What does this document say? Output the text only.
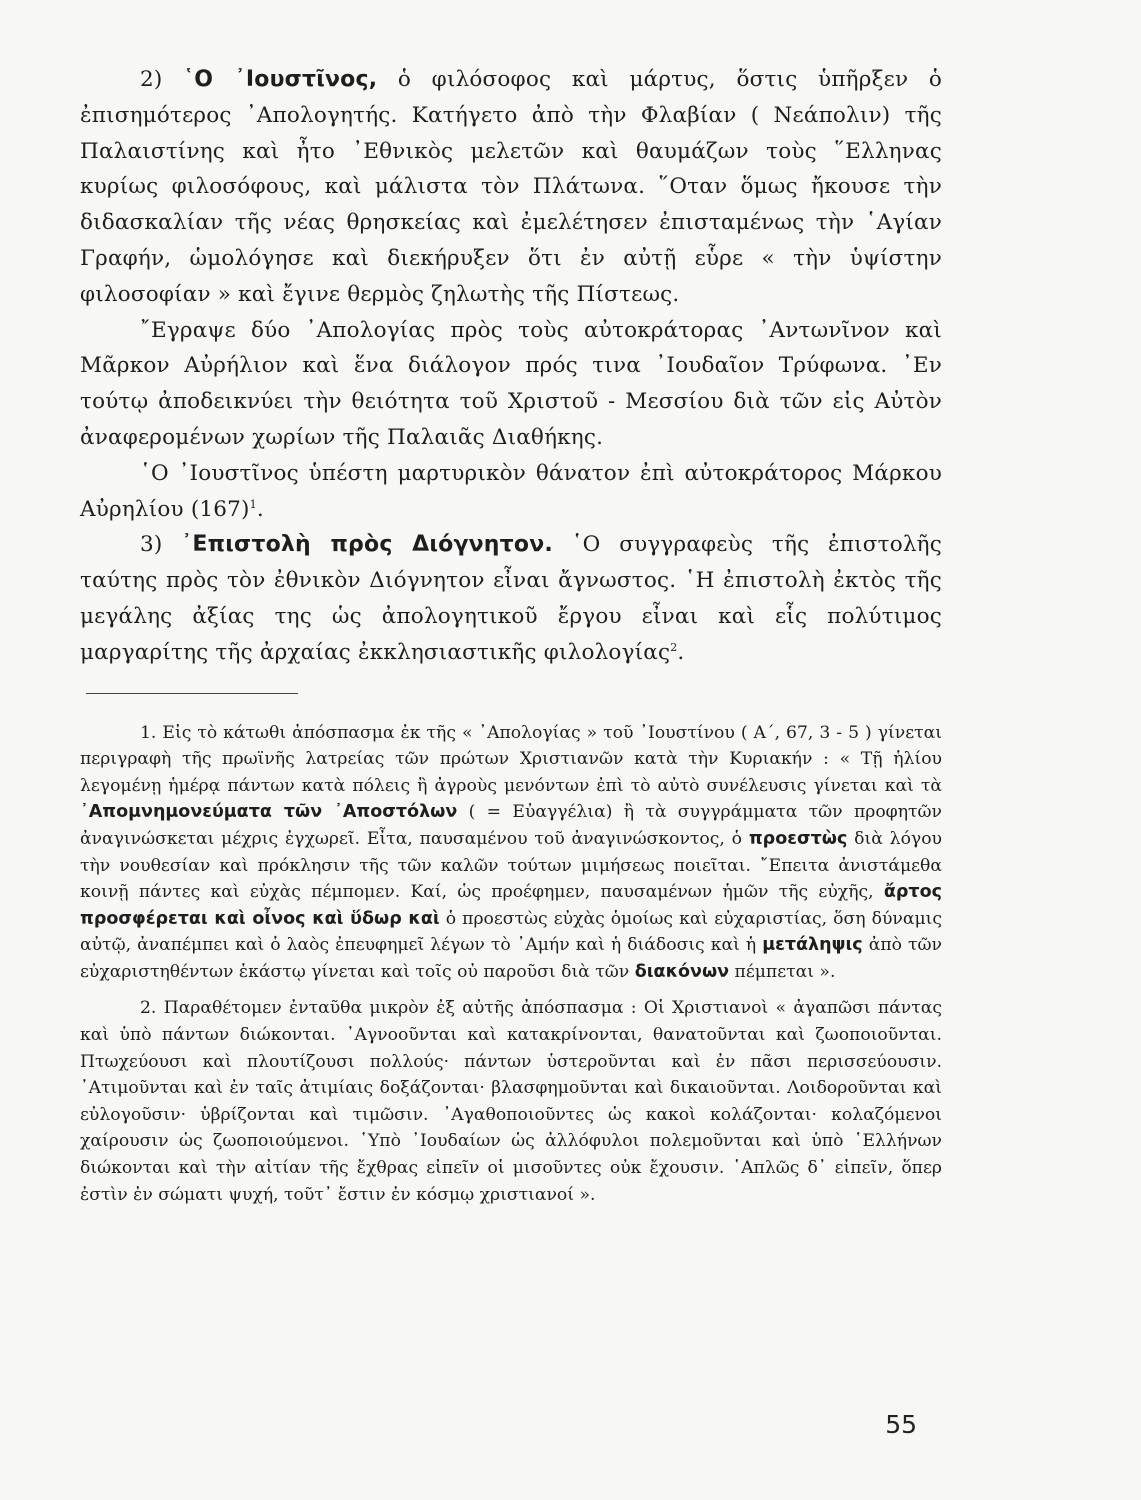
2) ῾Ο ᾿Ιουστῖνος, ὁ φιλόσοφος καὶ μάρτυς, ὅστις ὑπῆρξεν ὁ ἐπισημότερος ᾿Απολογητής. Κατήγετο ἀπὸ τὴν Φλαβίαν ( Νεάπολιν) τῆς Παλαιστίνης καὶ ἦτο ᾿Εθνικὸς μελετῶν καὶ θαυμάζων τοὺς ῞Ελληνας κυρίως φιλοσόφους, καὶ μάλιστα τὸν Πλάτωνα. ῞Οταν ὅμως ἤκουσε τὴν διδασκαλίαν τῆς νέας θρησκείας καὶ ἐμελέτησεν ἐπισταμένως τὴν ῾Αγίαν Γραφήν, ὡμολόγησε καὶ διεκήρυξεν ὅτι ἐν αὐτῇ εὗρε « τὴν ὑψίστην φιλοσοφίαν » καὶ ἔγινε θερμὸς ζηλωτὴς τῆς Πίστεως.

῎Εγραψε δύο ᾿Απολογίας πρὸς τοὺς αὐτοκράτορας ᾿Αντωνῖνον καὶ Μᾶρκον Αὐρήλιον καὶ ἕνα διάλογον πρός τινα ᾿Ιουδαῖον Τρύφωνα. ᾿Εν τούτῳ ἀποδεικνύει τὴν θειότητα τοῦ Χριστοῦ - Μεσσίου διὰ τῶν εἰς Αὐτὸν ἀναφερομένων χωρίων τῆς Παλαιᾶς Διαθήκης.

῾Ο ᾿Ιουστῖνος ὑπέστη μαρτυρικὸν θάνατον ἐπὶ αὐτοκράτορος Μάρκου Αὐρηλίου $(167)^1$.

3) ᾿Επιστολὴ πρὸς Διόγνητον. ῾Ο συγγραφεὺς τῆς ἐπιστολῆς ταύτης πρὸς τὸν ἐθνικὸν Διόγνητον εἶναι ἄγνωστος. ῾Η ἐπιστολὴ ἐκτὸς τῆς μεγάλης ἀξίας της ὡς ἀπολογητικοῦ ἔργου εἶναι καὶ εἷς πολύτιμος μαργαρίτης τῆς ἀρχαίας ἐκκλησιαστικῆς φιλολογίας$^2$.

1. Εἰς τὸ κάτωθι ἀπόσπασμα ἐκ τῆς « ᾿Απολογίας » τοῦ ᾿Ιουστίνου ( Α΄, 67, 3 - 5 ) γίνεται περιγραφὴ τῆς πρωϊνῆς λατρείας τῶν πρώτων Χριστιανῶν κατὰ τὴν Κυριακήν : « Τῇ ἡλίου λεγομένῃ ἡμέρᾳ πάντων κατὰ πόλεις ἢ ἀγροὺς μενόντων ἐπὶ τὸ αὐτὸ συνέλευσις γίνεται καὶ τὰ ᾿Απομνημονεύματα τῶν ᾿Αποστόλων ( = Εὐαγγέλια) ἢ τὰ συγγράμματα τῶν προφητῶν ἀναγινώσκεται μέχρις ἐγχωρεῖ. Εἶτα, παυσαμένου τοῦ ἀναγινώσκοντος, ὁ προεστὼς διὰ λόγου τὴν νουθεσίαν καὶ πρόκλησιν τῆς τῶν καλῶν τούτων μιμήσεως ποιεῖται. ῎Επειτα ἀνιστάμεθα κοινῇ πάντες καὶ εὐχὰς πέμπομεν. Καί, ὡς προέφημεν, παυσαμένων ἡμῶν τῆς εὐχῆς, ἄρτος προσφέρεται καὶ οἶνος καὶ ὕδωρ καὶ ὁ προεστὼς εὐχὰς ὁμοίως καὶ εὐχαριστίας, ὅση δύναμις αὐτῷ, ἀναπέμπει καὶ ὁ λαὸς ἐπευφημεῖ λέγων τὸ ᾿Αμήν καὶ ἡ διάδοσις καὶ ἡ μετάληψις ἀπὸ τῶν εὐχαριστηθέντων ἑκάστῳ γίνεται καὶ τοῖς οὐ παροῦσι διὰ τῶν διακόνων πέμπεται ».

2. Παραθέτομεν ἐνταῦθα μικρὸν ἐξ αὐτῆς ἀπόσπασμα : Οἱ Χριστιανοὶ « ἀγαπῶσι πάντας καὶ ὑπὸ πάντων διώκονται. ᾿Αγνοοῦνται καὶ κατακρίνονται, θανατοῦνται καὶ ζωοποιοῦνται. Πτωχεύουσι καὶ πλουτίζουσι πολλούς· πάντων ὑστεροῦνται καὶ ἐν πᾶσι περισσεύουσιν. ᾿Ατιμοῦνται καὶ ἐν ταῖς ἀτιμίαις δοξάζονται· βλασφημοῦνται καὶ δικαιοῦνται. Λοιδοροῦνται καὶ εὐλογοῦσιν· ὑβρίζονται καὶ τιμῶσιν. ᾿Αγαθοποιοῦντες ὡς κακοὶ κολάζονται· κολαζόμενοι χαίρουσιν ὡς ζωοποιούμενοι. ῾Υπὸ ᾿Ιουδαίων ὡς ἀλλόφυλοι πολεμοῦνται καὶ ὑπὸ ῾Ελλήνων διώκονται καὶ τὴν αἰτίαν τῆς ἔχθρας εἰπεῖν οἱ μισοῦντες οὐκ ἔχουσιν. ῾Απλῶς δ᾿ εἰπεῖν, ὅπερ ἐστὶν ἐν σώματι ψυχή, τοῦτ᾿ ἔστιν ἐν κόσμῳ χριστιανοί ».

55
